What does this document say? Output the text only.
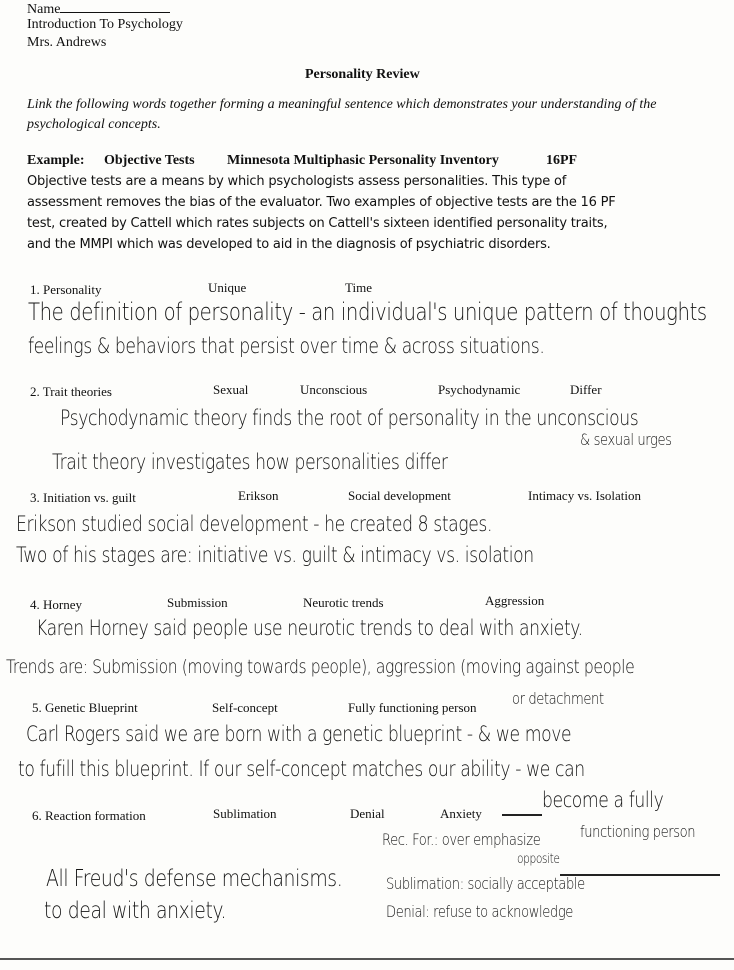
Name
Introduction To Psychology
Mrs. Andrews
Personality Review
Link the following words together forming a meaningful sentence which demonstrates your understanding of the psychological concepts.
Example: Objective Tests Minnesota Multiphasic Personality Inventory	16PF
Objective tests are a means by which psychologists assess personalities. This type of
assessment removes the bias of the evaluator. Two examples of objective tests are the 16 PF
test, created by Cattell which rates subjects on Cattell's sixteen identified personality traits,
and the MMPI which was developed to aid in the diagnosis of psychiatric disorders.
1. Personality	Unique	Time
The definition of personality - an individual's unique pattern of thoughts
feelings & behaviors that persist over time & across situations.
2. Trait theories	Sexual	Unconscious	Psychodynamic	Differ
Psychodynamic theory finds the root of personality in the unconscious
& sexual urges
Trait theory investigates how personalities differ
3. Initiation vs. guilt	Erikson	Social development	Intimacy vs. Isolation
Erikson studied social development - he created 8 stages.
Two of his stages are: initiative vs. guilt & intimacy vs. isolation
4. Horney	Submission	Neurotic trends	Aggression
Karen Horney said people use neurotic trends to deal with anxiety.
Trends are: Submission (moving towards people), aggression (moving against people
or detachment
5. Genetic Blueprint	Self-concept	Fully functioning person
Carl Rogers said we are born with a genetic blueprint - & we move
to fufill this blueprint. If our self-concept matches our ability - we can
become a fully
functioning person
6. Reaction formation	Sublimation	Denial	Anxiety
Rec. For.: over emphasize
opposite
All Freud's defense mechanisms.
to deal with anxiety.
Sublimation: socially acceptable
Denial: refuse to acknowledge
